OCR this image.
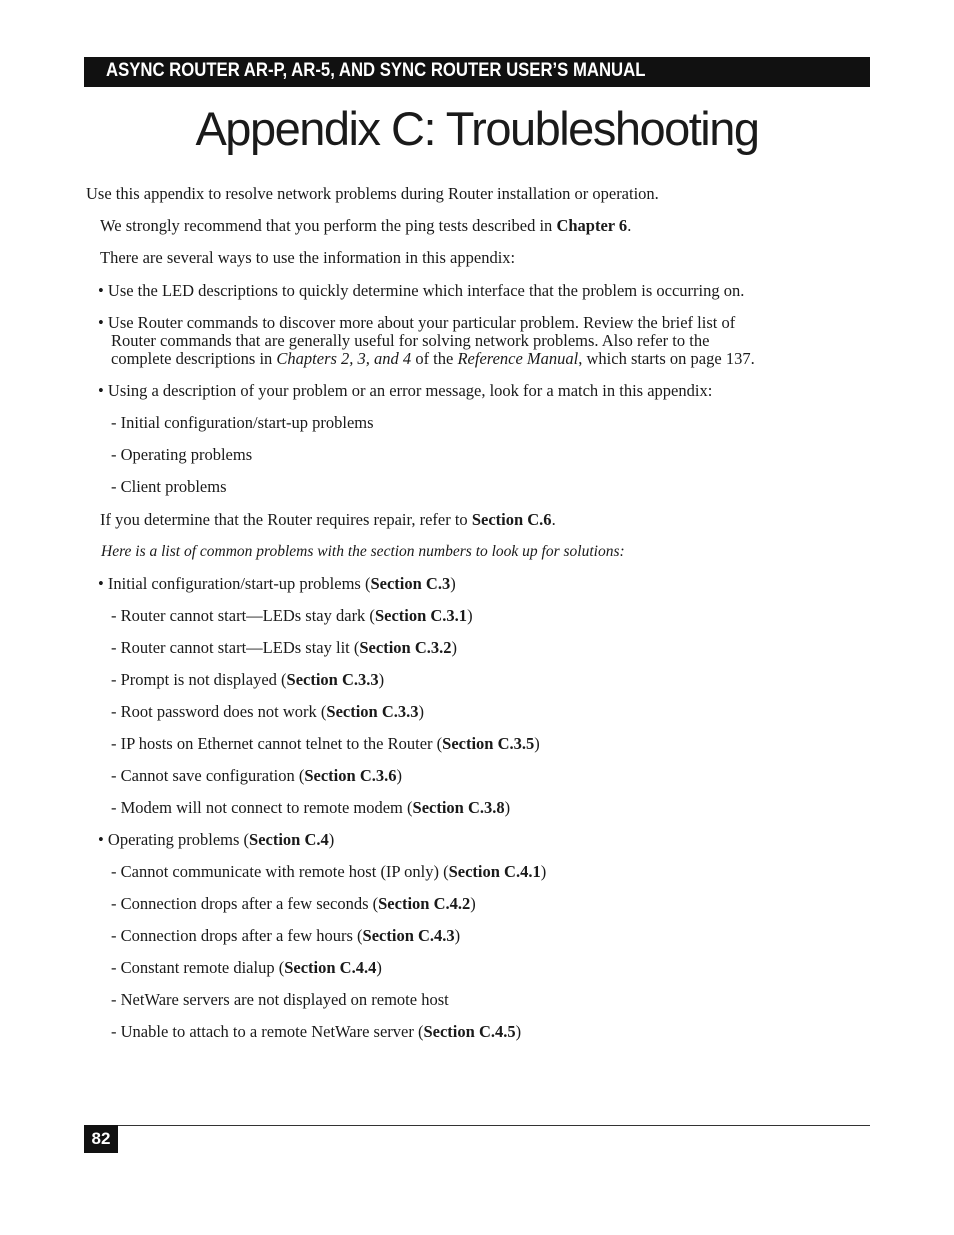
ASYNC ROUTER AR-P, AR-5, AND SYNC ROUTER USER’S MANUAL
Appendix C: Troubleshooting
Use this appendix to resolve network problems during Router installation or operation.
We strongly recommend that you perform the ping tests described in Chapter 6.
There are several ways to use the information in this appendix:
• Use the LED descriptions to quickly determine which interface that the problem is occurring on.
• Use Router commands to discover more about your particular problem. Review the brief list of
Router commands that are generally useful for solving network problems. Also refer to the
complete descriptions in Chapters 2, 3, and 4 of the Reference Manual, which starts on page 137.
• Using a description of your problem or an error message, look for a match in this appendix:
- Initial configuration/start-up problems
- Operating problems
- Client problems
If you determine that the Router requires repair, refer to Section C.6.
Here is a list of common problems with the section numbers to look up for solutions:
• Initial configuration/start-up problems (Section C.3)
- Router cannot start—LEDs stay dark (Section C.3.1)
- Router cannot start—LEDs stay lit (Section C.3.2)
- Prompt is not displayed (Section C.3.3)
- Root password does not work (Section C.3.3)
- IP hosts on Ethernet cannot telnet to the Router (Section C.3.5)
- Cannot save configuration (Section C.3.6)
- Modem will not connect to remote modem (Section C.3.8)
• Operating problems (Section C.4)
- Cannot communicate with remote host (IP only) (Section C.4.1)
- Connection drops after a few seconds (Section C.4.2)
- Connection drops after a few hours (Section C.4.3)
- Constant remote dialup (Section C.4.4)
- NetWare servers are not displayed on remote host
- Unable to attach to a remote NetWare server (Section C.4.5)
82
